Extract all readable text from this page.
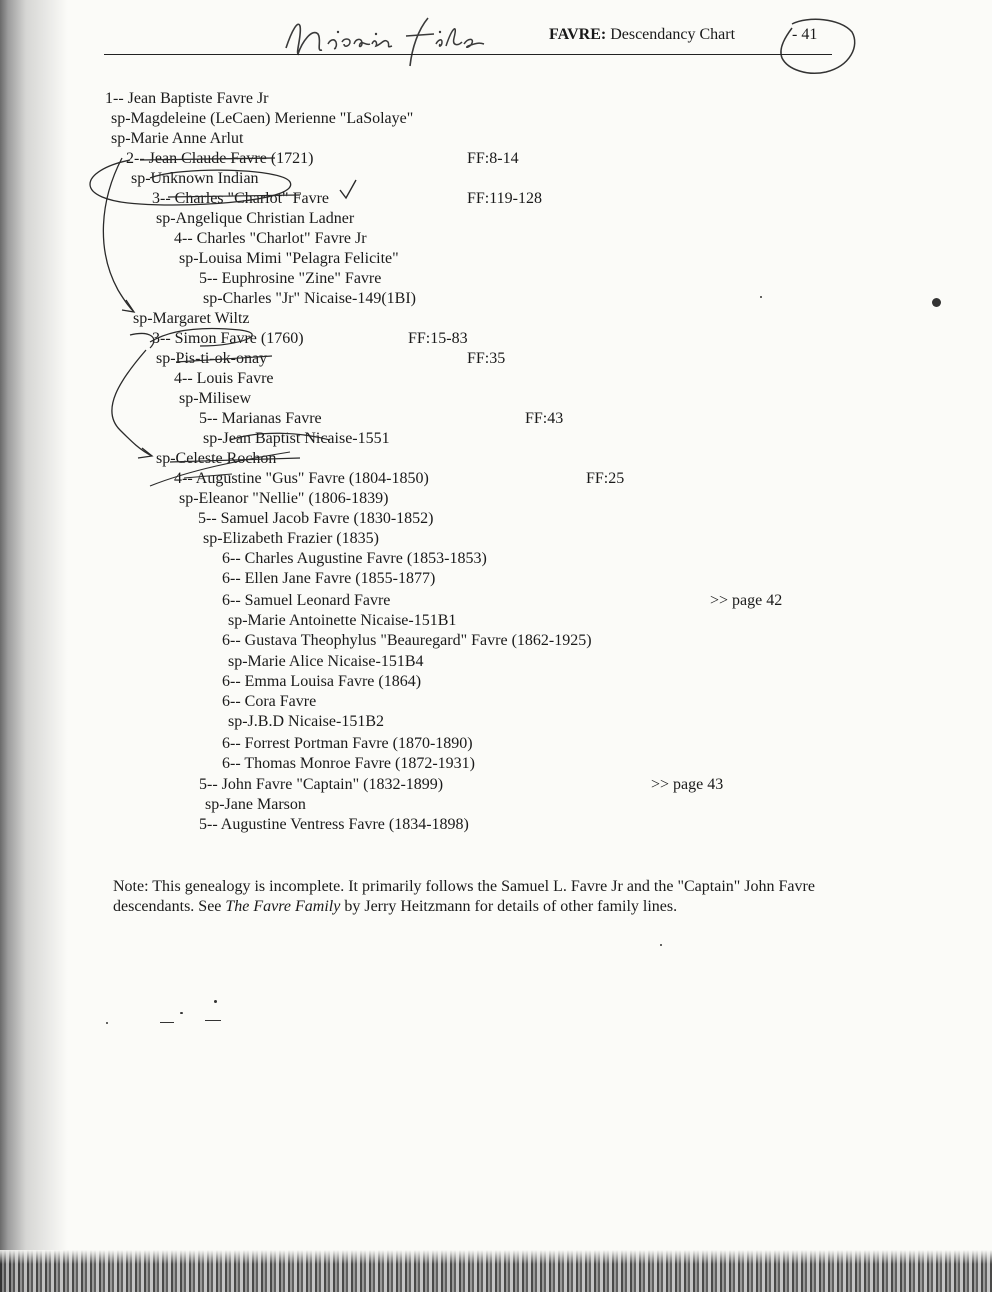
FAVRE: Descendancy Chart	- 41
1-- Jean Baptiste Favre Jr
sp-Magdeleine (LeCaen) Merienne "LaSolaye"
sp-Marie Anne Arlut
2-- Jean Claude Favre (1721)	FF:8-14
sp-Unknown Indian
3-- Charles "Charlot" Favre	FF:119-128
sp-Angelique Christian Ladner
4-- Charles "Charlot" Favre Jr
sp-Louisa Mimi "Pelagra Felicite"
5-- Euphrosine "Zine" Favre
sp-Charles "Jr" Nicaise-149(1BI)
sp-Margaret Wiltz
3-- Simon Favre (1760)	FF:15-83
sp-Pis-ti-ok-onay	FF:35
4-- Louis Favre
sp-Milisew
5-- Marianas Favre	FF:43
sp-Jean Baptist Nicaise-1551
sp-Celeste Rochon
4-- Augustine "Gus" Favre (1804-1850)	FF:25
sp-Eleanor "Nellie" (1806-1839)
5-- Samuel Jacob Favre (1830-1852)
sp-Elizabeth Frazier (1835)
6-- Charles Augustine Favre (1853-1853)
6-- Ellen Jane Favre (1855-1877)
6-- Samuel Leonard Favre	>> page 42
sp-Marie Antoinette Nicaise-151B1
6-- Gustava Theophylus "Beauregard" Favre (1862-1925)
sp-Marie Alice Nicaise-151B4
6-- Emma Louisa Favre (1864)
6-- Cora Favre
sp-J.B.D Nicaise-151B2
6-- Forrest Portman Favre (1870-1890)
6-- Thomas Monroe Favre (1872-1931)
5-- John Favre "Captain" (1832-1899)	>> page 43
sp-Jane Marson
5-- Augustine Ventress Favre (1834-1898)
Note: This genealogy is incomplete. It primarily follows the Samuel L. Favre Jr and the "Captain" John Favre descendants. See The Favre Family by Jerry Heitzmann for details of other family lines.
